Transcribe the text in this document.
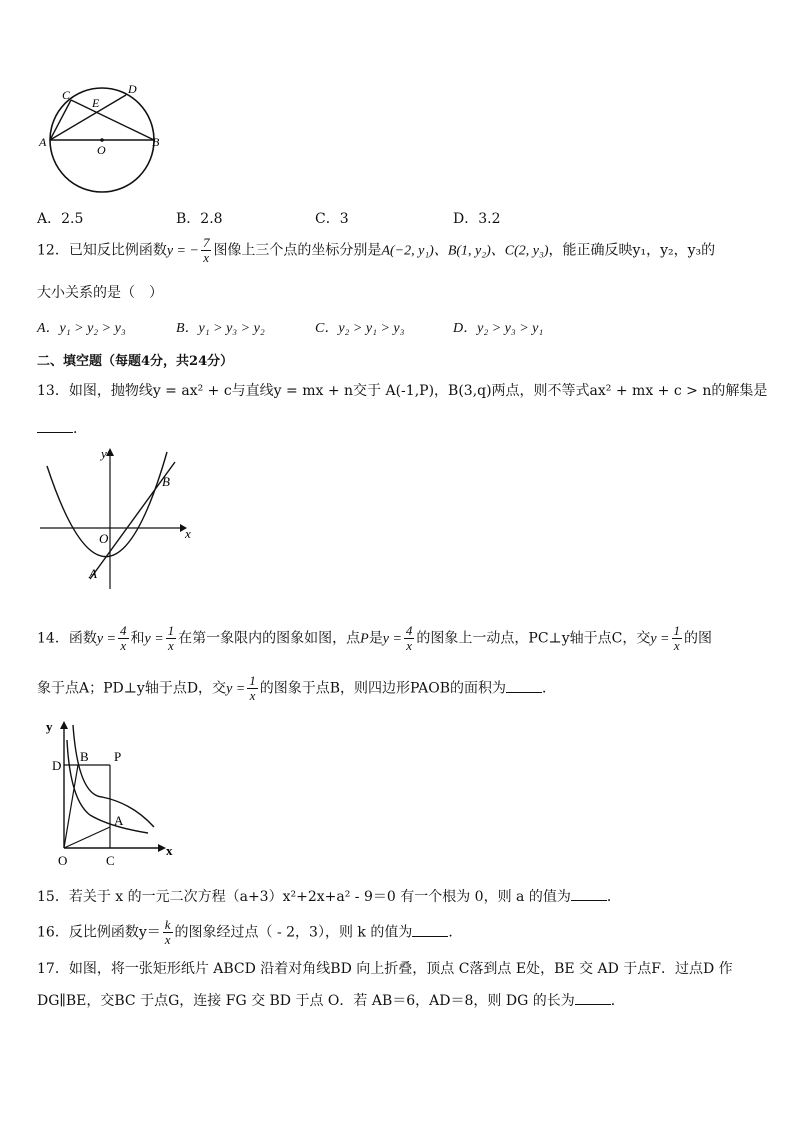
C	D
E
A
O
B
A．2.5	B．2.8	C．3	D．3.2
12．已知反比例函数y = − $\frac{7}{x}$ 图像上三个点的坐标分别是A(−2, y₁)、B(1, y₂)、C(2, y₃)，能正确反映y₁，y₂，y₃的
大小关系的是（　）
A．y₁ > y₂ > y₃	B．y₁ > y₃ > y₂	C．y₂ > y₁ > y₃	D．y₂ > y₃ > y₁
二、填空题（每题4分，共24分）
13．如图，抛物线y = ax² + c与直线y = mx + n交于 A(-1,P)，B(3,q)两点，则不等式ax² + mx + c > n的解集是
．
y
x
O
A
B
14．函数$y = \frac{4}{x}$ 和$y = \frac{1}{x}$ 在第一象限内的图象如图，点P是$y = \frac{4}{x}$ 的图象上一动点，PC⊥y轴于点C，交$y = \frac{1}{x}$ 的图
象于点A；PD⊥y轴于点D，交$y = \frac{1}{x}$ 的图象于点B，则四边形PAOB的面积为	．
y
D
B P
A
O	C
x
15．若关于 x 的一元二次方程（a+3）x²+2x+a² - 9＝0 有一个根为 0，则 a 的值为	．
16．反比例函数$y= \frac{k}{x}$ 的图象经过点（ - 2，3），则 k 的值为	．
17．如图，将一张矩形纸片 ABCD 沿着对角线BD 向上折叠，顶点 C落到点 E处，BE 交 AD 于点F．过点D 作
DG∥BE，交BC 于点G，连接 FG 交 BD 于点 O．若 AB＝6，AD＝8，则 DG 的长为	．
